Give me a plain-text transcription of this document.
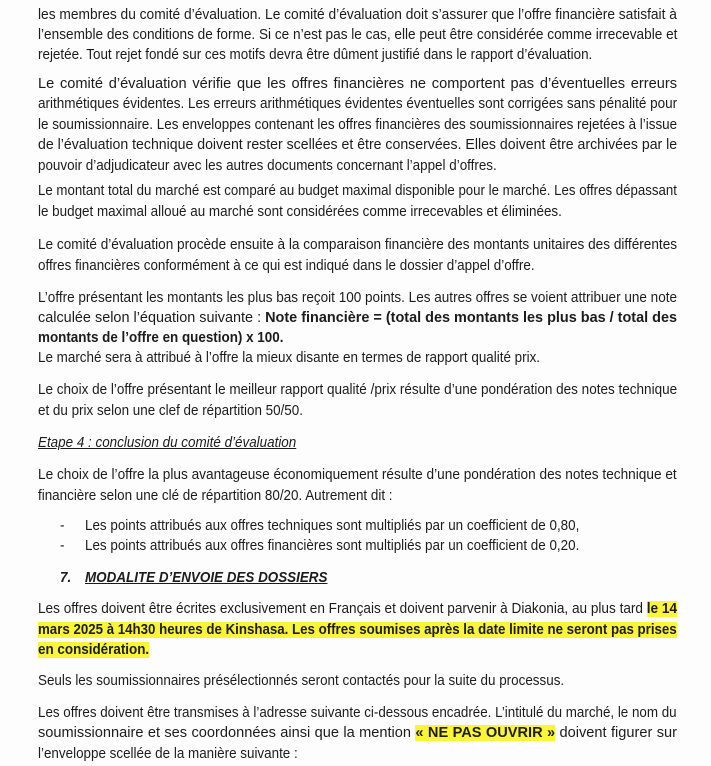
les membres du comité d’évaluation. Le comité d’évaluation doit s’assurer que l’offre financière satisfait à
l’ensemble des conditions de forme. Si ce n’est pas le cas, elle peut être considérée comme irrecevable et
rejetée. Tout rejet fondé sur ces motifs devra être dûment justifié dans le rapport d’évaluation.
Le comité d’évaluation vérifie que les offres financières ne comportent pas d’éventuelles erreurs
arithmétiques évidentes. Les erreurs arithmétiques évidentes éventuelles sont corrigées sans pénalité pour
le soumissionnaire. Les enveloppes contenant les offres financières des soumissionnaires rejetées à l’issue
de l’évaluation technique doivent rester scellées et être conservées. Elles doivent être archivées par le
pouvoir d’adjudicateur avec les autres documents concernant l’appel d’offres.
Le montant total du marché est comparé au budget maximal disponible pour le marché. Les offres dépassant
le budget maximal alloué au marché sont considérées comme irrecevables et éliminées.
Le comité d’évaluation procède ensuite à la comparaison financière des montants unitaires des différentes
offres financières conformément à ce qui est indiqué dans le dossier d’appel d’offre.
L’offre présentant les montants les plus bas reçoit 100 points. Les autres offres se voient attribuer une note
calculée selon l’équation suivante : Note financière = (total des montants les plus bas / total des
montants de l’offre en question) x 100.
Le marché sera à attribué à l’offre la mieux disante en termes de rapport qualité prix.
Le choix de l’offre présentant le meilleur rapport qualité /prix résulte d’une pondération des notes technique
et du prix selon une clef de répartition 50/50.
Etape 4 : conclusion du comité d’évaluation
Le choix de l’offre la plus avantageuse économiquement résulte d’une pondération des notes technique et
financière selon une clé de répartition 80/20. Autrement dit :
-	Les points attribués aux offres techniques sont multipliés par un coefficient de 0,80,
-	Les points attribués aux offres financières sont multipliés par un coefficient de 0,20.
7. MODALITE D’ENVOIE DES DOSSIERS
Les offres doivent être écrites exclusivement en Français et doivent parvenir à Diakonia, au plus tard le 14
mars 2025 à 14h30 heures de Kinshasa. Les offres soumises après la date limite ne seront pas prises
en considération.
Seuls les soumissionnaires présélectionnés seront contactés pour la suite du processus.
Les offres doivent être transmises à l’adresse suivante ci-dessous encadrée. L’intitulé du marché, le nom du
soumissionnaire et ses coordonnées ainsi que la mention « NE PAS OUVRIR » doivent figurer sur
l’enveloppe scellée de la manière suivante :
